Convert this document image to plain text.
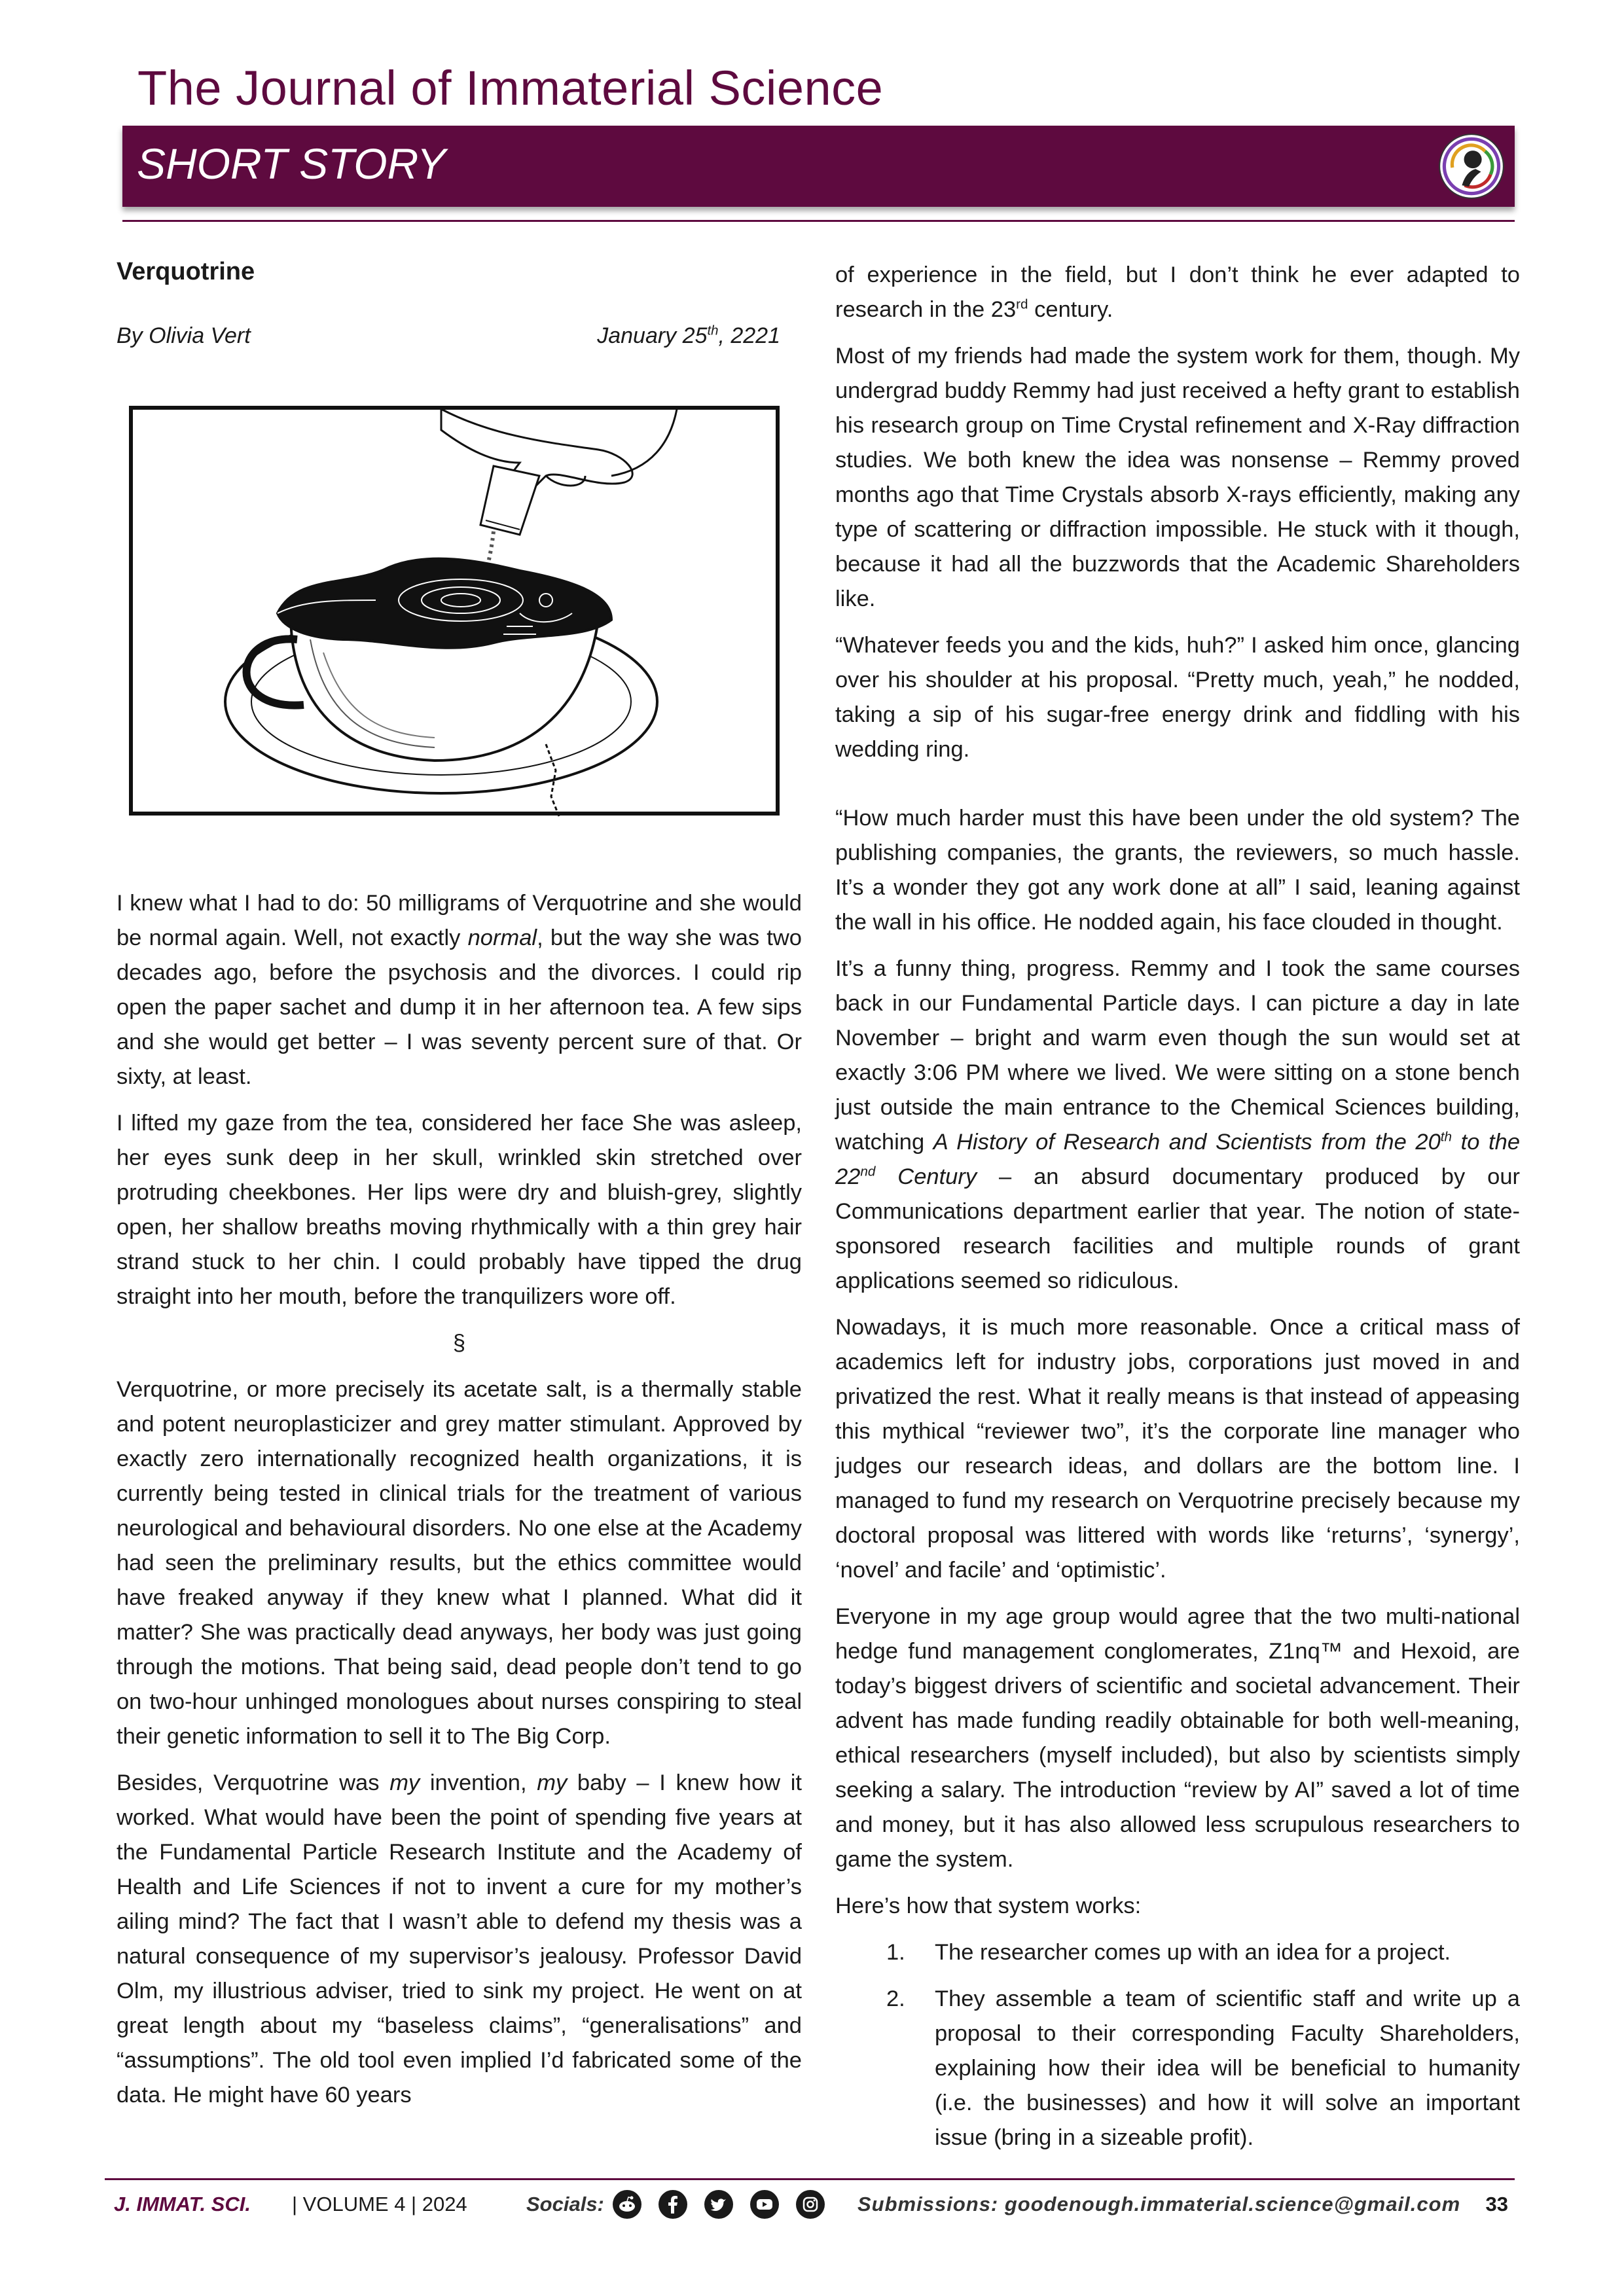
The Journal of Immaterial Science
SHORT STORY
Verquotrine
By Olivia Vert	January 25th, 2221

I knew what I had to do: 50 milligrams of Verquotrine and she would be normal again. Well, not exactly normal, but the way she was two decades ago, before the psychosis and the divorces. I could rip open the paper sachet and dump it in her afternoon tea. A few sips and she would get better – I was seventy percent sure of that. Or sixty, at least.

I lifted my gaze from the tea, considered her face She was asleep, her eyes sunk deep in her skull, wrinkled skin stretched over protruding cheekbones. Her lips were dry and bluish-grey, slightly open, her shallow breaths moving rhythmically with a thin grey hair strand stuck to her chin. I could probably have tipped the drug straight into her mouth, before the tranquilizers wore off.

§

Verquotrine, or more precisely its acetate salt, is a thermally stable and potent neuroplasticizer and grey matter stimulant. Approved by exactly zero internationally recognized health organizations, it is currently being tested in clinical trials for the treatment of various neurological and behavioural disorders. No one else at the Academy had seen the preliminary results, but the ethics committee would have freaked anyway if they knew what I planned. What did it matter? She was practically dead anyways, her body was just going through the motions. That being said, dead people don’t tend to go on two-hour unhinged monologues about nurses conspiring to steal their genetic information to sell it to The Big Corp.

Besides, Verquotrine was my invention, my baby – I knew how it worked. What would have been the point of spending five years at the Fundamental Particle Research Institute and the Academy of Health and Life Sciences if not to invent a cure for my mother’s ailing mind? The fact that I wasn’t able to defend my thesis was a natural consequence of my supervisor’s jealousy. Professor David Olm, my illustrious adviser, tried to sink my project. He went on at great length about my “baseless claims”, “generalisations” and “assumptions”. The old tool even implied I’d fabricated some of the data. He might have 60 years

of experience in the field, but I don’t think he ever adapted to research in the 23rd century.

Most of my friends had made the system work for them, though. My undergrad buddy Remmy had just received a hefty grant to establish his research group on Time Crystal refinement and X-Ray diffraction studies. We both knew the idea was nonsense – Remmy proved months ago that Time Crystals absorb X-rays efficiently, making any type of scattering or diffraction impossible. He stuck with it though, because it had all the buzzwords that the Academic Shareholders like.

“Whatever feeds you and the kids, huh?” I asked him once, glancing over his shoulder at his proposal. “Pretty much, yeah,” he nodded, taking a sip of his sugar-free energy drink and fiddling with his wedding ring.

“How much harder must this have been under the old system? The publishing companies, the grants, the reviewers, so much hassle. It’s a wonder they got any work done at all” I said, leaning against the wall in his office. He nodded again, his face clouded in thought.

It’s a funny thing, progress. Remmy and I took the same courses back in our Fundamental Particle days. I can picture a day in late November – bright and warm even though the sun would set at exactly 3:06 PM where we lived. We were sitting on a stone bench just outside the main entrance to the Chemical Sciences building, watching A History of Research and Scientists from the 20th to the 22nd Century – an absurd documentary produced by our Communications department earlier that year. The notion of state-sponsored research facilities and multiple rounds of grant applications seemed so ridiculous.

Nowadays, it is much more reasonable. Once a critical mass of academics left for industry jobs, corporations just moved in and privatized the rest. What it really means is that instead of appeasing this mythical “reviewer two”, it’s the corporate line manager who judges our research ideas, and dollars are the bottom line. I managed to fund my research on Verquotrine precisely because my doctoral proposal was littered with words like ‘returns’, ‘synergy’, ‘novel’ and facile’ and ‘optimistic’.

Everyone in my age group would agree that the two multi-national hedge fund management conglomerates, Z1nq™ and Hexoid, are today’s biggest drivers of scientific and societal advancement. Their advent has made funding readily obtainable for both well-meaning, ethical researchers (myself included), but also by scientists simply seeking a salary. The introduction “review by AI” saved a lot of time and money, but it has also allowed less scrupulous researchers to game the system.

Here’s how that system works:

1. The researcher comes up with an idea for a project.
2. They assemble a team of scientific staff and write up a proposal to their corresponding Faculty Shareholders, explaining how their idea will be beneficial to humanity (i.e. the businesses) and how it will solve an important issue (bring in a sizeable profit).
J. IMMAT. SCI. | VOLUME 4 | 2024	Socials:	Submissions: goodenough.immaterial.science@gmail.com 33
